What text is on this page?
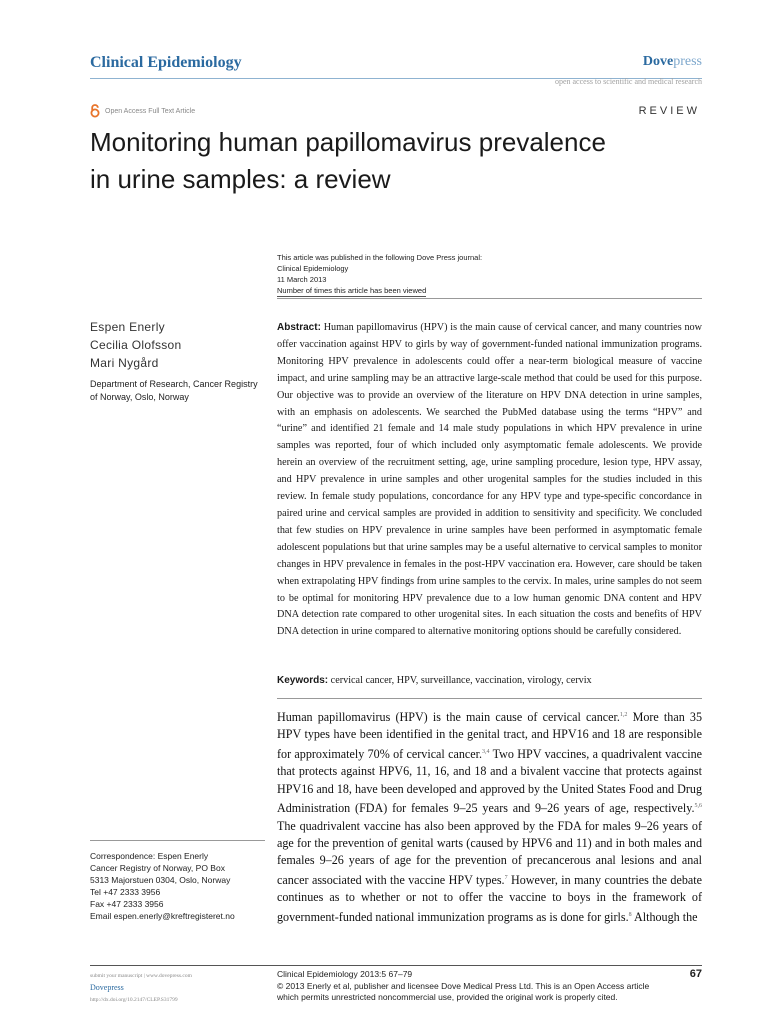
Clinical Epidemiology	Dovepress
open access to scientific and medical research
Open Access Full Text Article	REVIEW
Monitoring human papillomavirus prevalence
in urine samples: a review
This article was published in the following Dove Press journal:
Clinical Epidemiology
11 March 2013
Number of times this article has been viewed
Espen Enerly
Cecilia Olofsson
Mari Nygård
Department of Research, Cancer Registry of Norway, Oslo, Norway
Abstract: Human papillomavirus (HPV) is the main cause of cervical cancer, and many countries now offer vaccination against HPV to girls by way of government-funded national immunization programs. Monitoring HPV prevalence in adolescents could offer a near-term biological measure of vaccine impact, and urine sampling may be an attractive large-scale method that could be used for this purpose. Our objective was to provide an overview of the literature on HPV DNA detection in urine samples, with an emphasis on adolescents. We searched the PubMed database using the terms “HPV” and “urine” and identified 21 female and 14 male study populations in which HPV prevalence in urine samples was reported, four of which included only asymptomatic female adolescents. We provide herein an overview of the recruitment setting, age, urine sampling procedure, lesion type, HPV assay, and HPV prevalence in urine samples and other urogenital samples for the studies included in this review. In female study populations, concordance for any HPV type and type-specific concordance in paired urine and cervical samples are provided in addition to sensitivity and specificity. We concluded that few studies on HPV prevalence in urine samples have been performed in asymptomatic female adolescent populations but that urine samples may be a useful alternative to cervical samples to monitor changes in HPV prevalence in females in the post-HPV vaccination era. However, care should be taken when extrapolating HPV findings from urine samples to the cervix. In males, urine samples do not seem to be optimal for monitoring HPV prevalence due to a low human genomic DNA content and HPV DNA detection rate compared to other urogenital sites. In each situation the costs and benefits of HPV DNA detection in urine compared to alternative monitoring options should be carefully considered.
Keywords: cervical cancer, HPV, surveillance, vaccination, virology, cervix
Human papillomavirus (HPV) is the main cause of cervical cancer.$^{1,2}$ More than 35 HPV types have been identified in the genital tract, and HPV16 and 18 are responsible for approximately 70% of cervical cancer.$^{3,4}$ Two HPV vaccines, a quadrivalent vaccine that protects against HPV6, 11, 16, and 18 and a bivalent vaccine that protects against HPV16 and 18, have been developed and approved by the United States Food and Drug Administration (FDA) for females 9–25 years and 9–26 years of age, respectively.$^{5,6}$ The quadrivalent vaccine has also been approved by the FDA for males 9–26 years of age for the prevention of genital warts (caused by HPV6 and 11) and in both males and females 9–26 years of age for the prevention of precancerous anal lesions and anal cancer associated with the vaccine HPV types.$^7$ However, in many countries the debate continues as to whether or not to offer the vaccine to boys in the framework of government-funded national immunization programs as is done for girls.$^8$ Although the
Correspondence: Espen Enerly
Cancer Registry of Norway, PO Box
5313 Majorstuen 0304, Oslo, Norway
Tel +47 2333 3956
Fax +47 2333 3956
Email espen.enerly@kreftregisteret.no
submit your manuscript | www.dovepress.com
Dovepress
http://dx.doi.org/10.2147/CLEP.S31799
Clinical Epidemiology 2013:5 67–79
© 2013 Enerly et al, publisher and licensee Dove Medical Press Ltd. This is an Open Access article
which permits unrestricted noncommercial use, provided the original work is properly cited.
67
